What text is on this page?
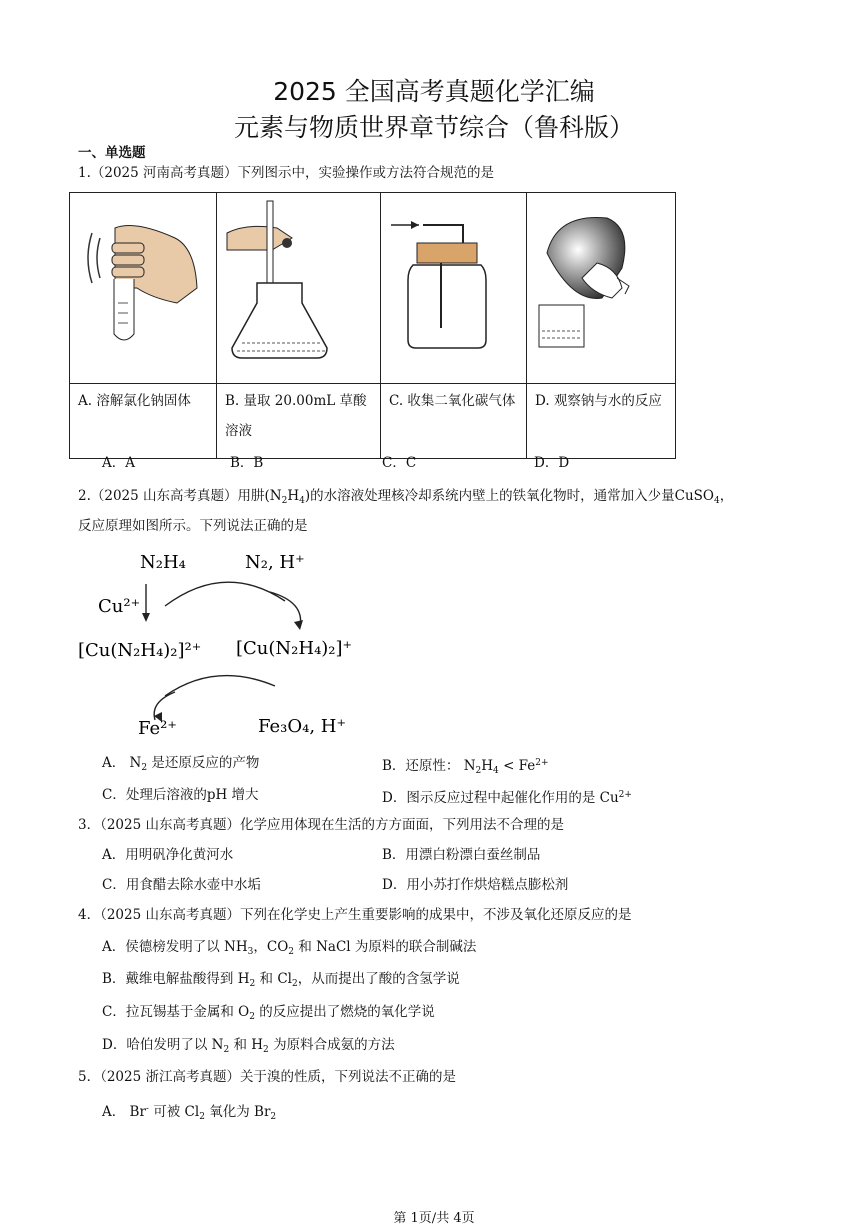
2025 全国高考真题化学汇编
元素与物质世界章节综合（鲁科版）
一、单选题
1.（2025 河南高考真题）下列图示中，实验操作或方法符合规范的是

A. 溶解氯化钠固体	B. 量取 20.00mL 草酸溶液	C. 收集二氧化碳气体	D. 观察钠与水的反应
A．A	B．B	C．C	D．D
2.（2025 山东高考真题）用肼$(N_2H_4)$的水溶液处理核冷却系统内壁上的铁氧化物时，通常加入少量CuSO$_4$，
反应原理如图所示。下列说法正确的是
N₂H₄	N₂, H⁺
Cu²⁺
[Cu(N₂H₄)₂]²⁺ [Cu(N₂H₄)₂]⁺
Fe²⁺	Fe₃O₄, H⁺
A． $N_2$ 是还原反应的产物	B．还原性： $N_2H_4 < Fe^{2+}$
C．处理后溶液的pH 增大	D．图示反应过程中起催化作用的是 $Cu^{2+}$
3．（2025 山东高考真题）化学应用体现在生活的方方面面，下列用法不合理的是
A．用明矾净化黄河水	B．用漂白粉漂白蚕丝制品
C．用食醋去除水壶中水垢	D．用小苏打作烘焙糕点膨松剂
4．（2025 山东高考真题）下列在化学史上产生重要影响的成果中，不涉及氧化还原反应的是
A．侯德榜发明了以 $NH_3$，$CO_2$ 和 NaCl 为原料的联合制碱法
B．戴维电解盐酸得到 $H_2$ 和 $Cl_2$，从而提出了酸的含氢学说
C．拉瓦锡基于金属和 $O_2$ 的反应提出了燃烧的氧化学说
D．哈伯发明了以 $N_2$ 和 $H_2$ 为原料合成氨的方法
5．（2025 浙江高考真题）关于溴的性质，下列说法不正确的是
A． Br- 可被 $Cl_2$ 氧化为 $Br_2$
第 1页/共 4页
